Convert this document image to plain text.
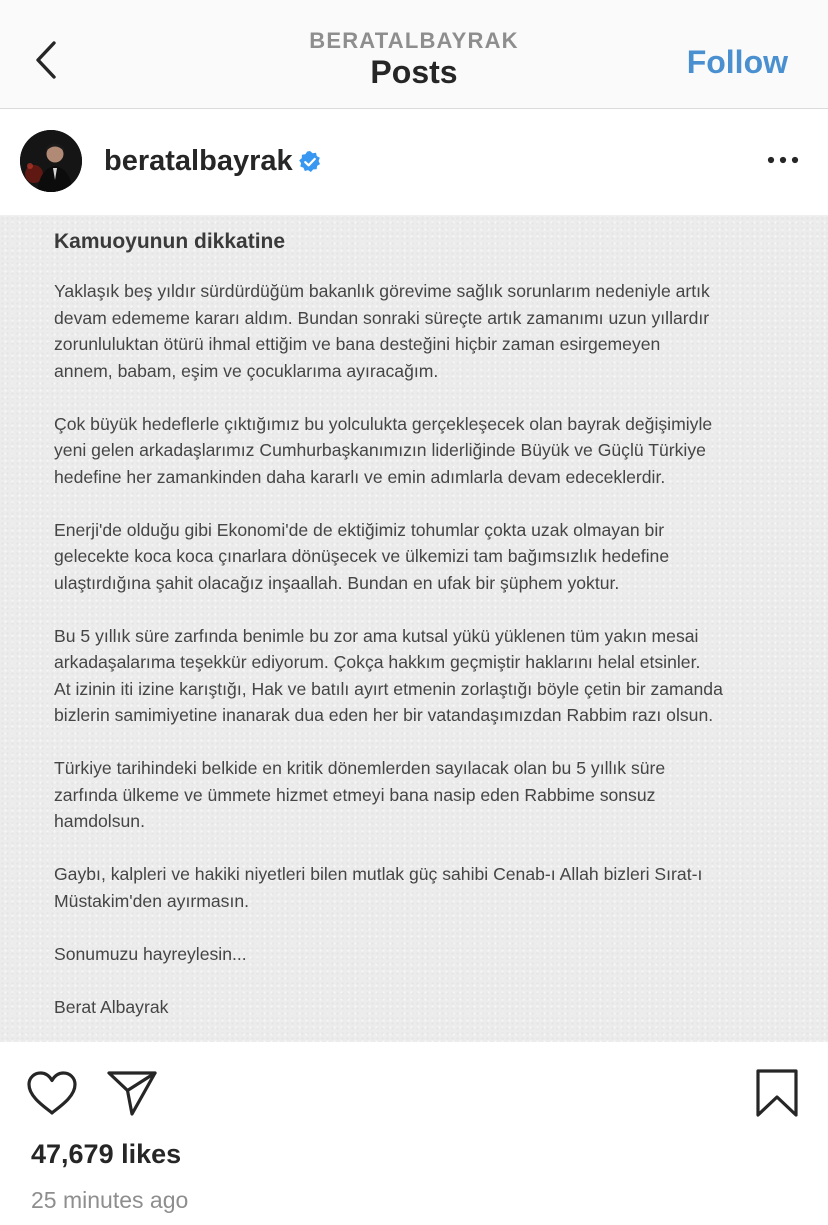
BERATALBAYRAK
Posts	Follow
beratalbayrak
Kamuoyunun dikkatine

Yaklaşık beş yıldır sürdürdüğüm bakanlık görevime sağlık sorunlarım nedeniyle artık
devam edememe kararı aldım. Bundan sonraki süreçte artık zamanımı uzun yıllardır
zorunluluktan ötürü ihmal ettiğim ve bana desteğini hiçbir zaman esirgemeyen
annem, babam, eşim ve çocuklarıma ayıracağım.

Çok büyük hedeflerle çıktığımız bu yolculukta gerçekleşecek olan bayrak değişimiyle
yeni gelen arkadaşlarımız Cumhurbaşkanımızın liderliğinde Büyük ve Güçlü Türkiye
hedefine her zamankinden daha kararlı ve emin adımlarla devam edeceklerdir.

Enerji'de olduğu gibi Ekonomi'de de ektiğimiz tohumlar çokta uzak olmayan bir
gelecekte koca koca çınarlara dönüşecek ve ülkemizi tam bağımsızlık hedefine
ulaştırdığına şahit olacağız inşaallah. Bundan en ufak bir şüphem yoktur.

Bu 5 yıllık süre zarfında benimle bu zor ama kutsal yükü yüklenen tüm yakın mesai
arkadaşalarıma teşekkür ediyorum. Çokça hakkım geçmiştir haklarını helal etsinler.
At izinin iti izine karıştığı, Hak ve batılı ayırt etmenin zorlaştığı böyle çetin bir zamanda
bizlerin samimiyetine inanarak dua eden her bir vatandaşımızdan Rabbim razı olsun.

Türkiye tarihindeki belkide en kritik dönemlerden sayılacak olan bu 5 yıllık süre
zarfında ülkeme ve ümmete hizmet etmeyi bana nasip eden Rabbime sonsuz
hamdolsun.

Gaybı, kalpleri ve hakiki niyetleri bilen mutlak güç sahibi Cenab-ı Allah bizleri Sırat-ı
Müstakim'den ayırmasın.

Sonumuzu hayreylesin...

Berat Albayrak

47,679 likes
25 minutes ago
